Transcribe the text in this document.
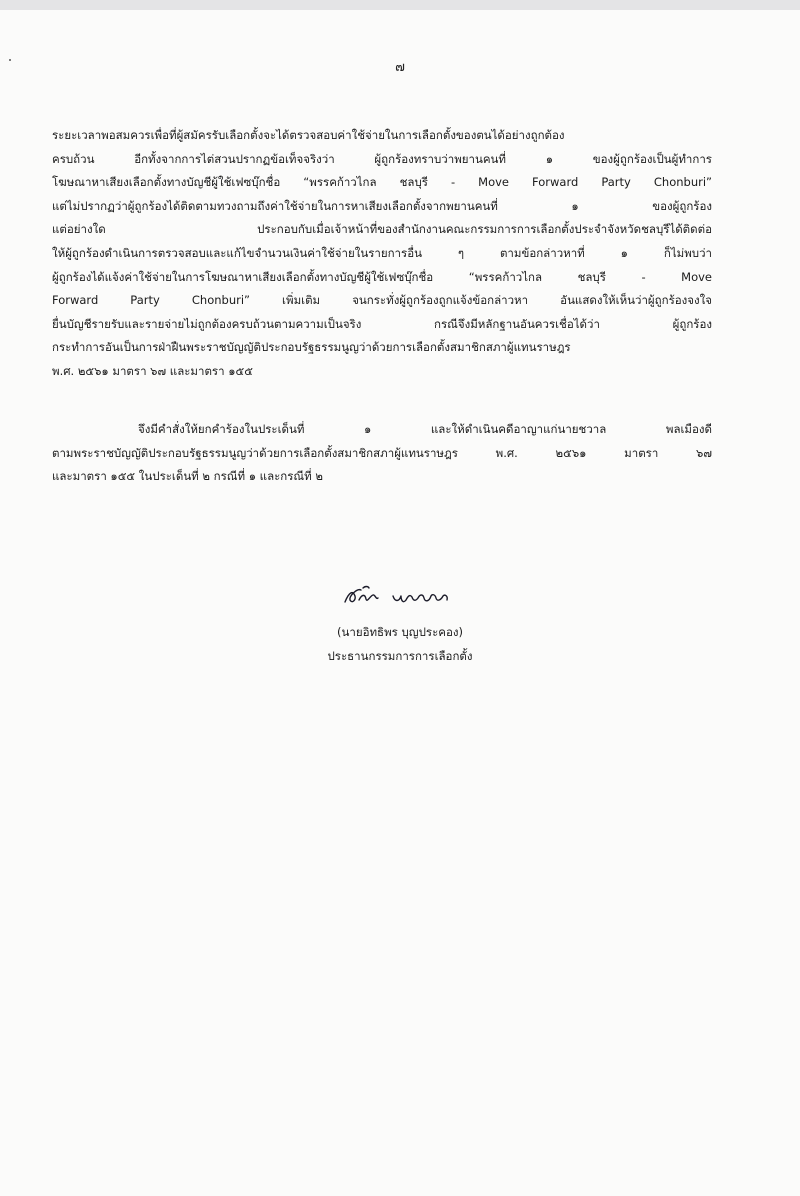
๗
ระยะเวลาพอสมควรเพื่อที่ผู้สมัครรับเลือกตั้งจะได้ตรวจสอบค่าใช้จ่ายในการเลือกตั้งของตนได้อย่างถูกต้อง
ครบถ้วน อีกทั้งจากการไต่สวนปรากฏข้อเท็จจริงว่า ผู้ถูกร้องทราบว่าพยานคนที่ ๑ ของผู้ถูกร้องเป็นผู้ทำการ
โฆษณาหาเสียงเลือกตั้งทางบัญชีผู้ใช้เฟซบุ๊กชื่อ “พรรคก้าวไกล ชลบุรี - Move Forward Party Chonburi”
แต่ไม่ปรากฏว่าผู้ถูกร้องได้ติดตามทวงถามถึงค่าใช้จ่ายในการหาเสียงเลือกตั้งจากพยานคนที่ ๑ ของผู้ถูกร้อง
แต่อย่างใด ประกอบกับเมื่อเจ้าหน้าที่ของสำนักงานคณะกรรมการการเลือกตั้งประจำจังหวัดชลบุรีได้ติดต่อ
ให้ผู้ถูกร้องดำเนินการตรวจสอบและแก้ไขจำนวนเงินค่าใช้จ่ายในรายการอื่น ๆ ตามข้อกล่าวหาที่ ๑ ก็ไม่พบว่า
ผู้ถูกร้องได้แจ้งค่าใช้จ่ายในการโฆษณาหาเสียงเลือกตั้งทางบัญชีผู้ใช้เฟซบุ๊กชื่อ “พรรคก้าวไกล ชลบุรี - Move
Forward Party Chonburi” เพิ่มเติม จนกระทั่งผู้ถูกร้องถูกแจ้งข้อกล่าวหา อันแสดงให้เห็นว่าผู้ถูกร้องจงใจ
ยื่นบัญชีรายรับและรายจ่ายไม่ถูกต้องครบถ้วนตามความเป็นจริง กรณีจึงมีหลักฐานอันควรเชื่อได้ว่า ผู้ถูกร้อง
กระทำการอันเป็นการฝ่าฝืนพระราชบัญญัติประกอบรัฐธรรมนูญว่าด้วยการเลือกตั้งสมาชิกสภาผู้แทนราษฎร
พ.ศ. ๒๕๖๑ มาตรา ๖๗ และมาตรา ๑๕๕
จึงมีคำสั่งให้ยกคำร้องในประเด็นที่ ๑ และให้ดำเนินคดีอาญาแก่นายชวาล พลเมืองดี
ตามพระราชบัญญัติประกอบรัฐธรรมนูญว่าด้วยการเลือกตั้งสมาชิกสภาผู้แทนราษฎร พ.ศ. ๒๕๖๑ มาตรา ๖๗
และมาตรา ๑๕๕ ในประเด็นที่ ๒ กรณีที่ ๑ และกรณีที่ ๒
(นายอิทธิพร บุญประคอง)
ประธานกรรมการการเลือกตั้ง
